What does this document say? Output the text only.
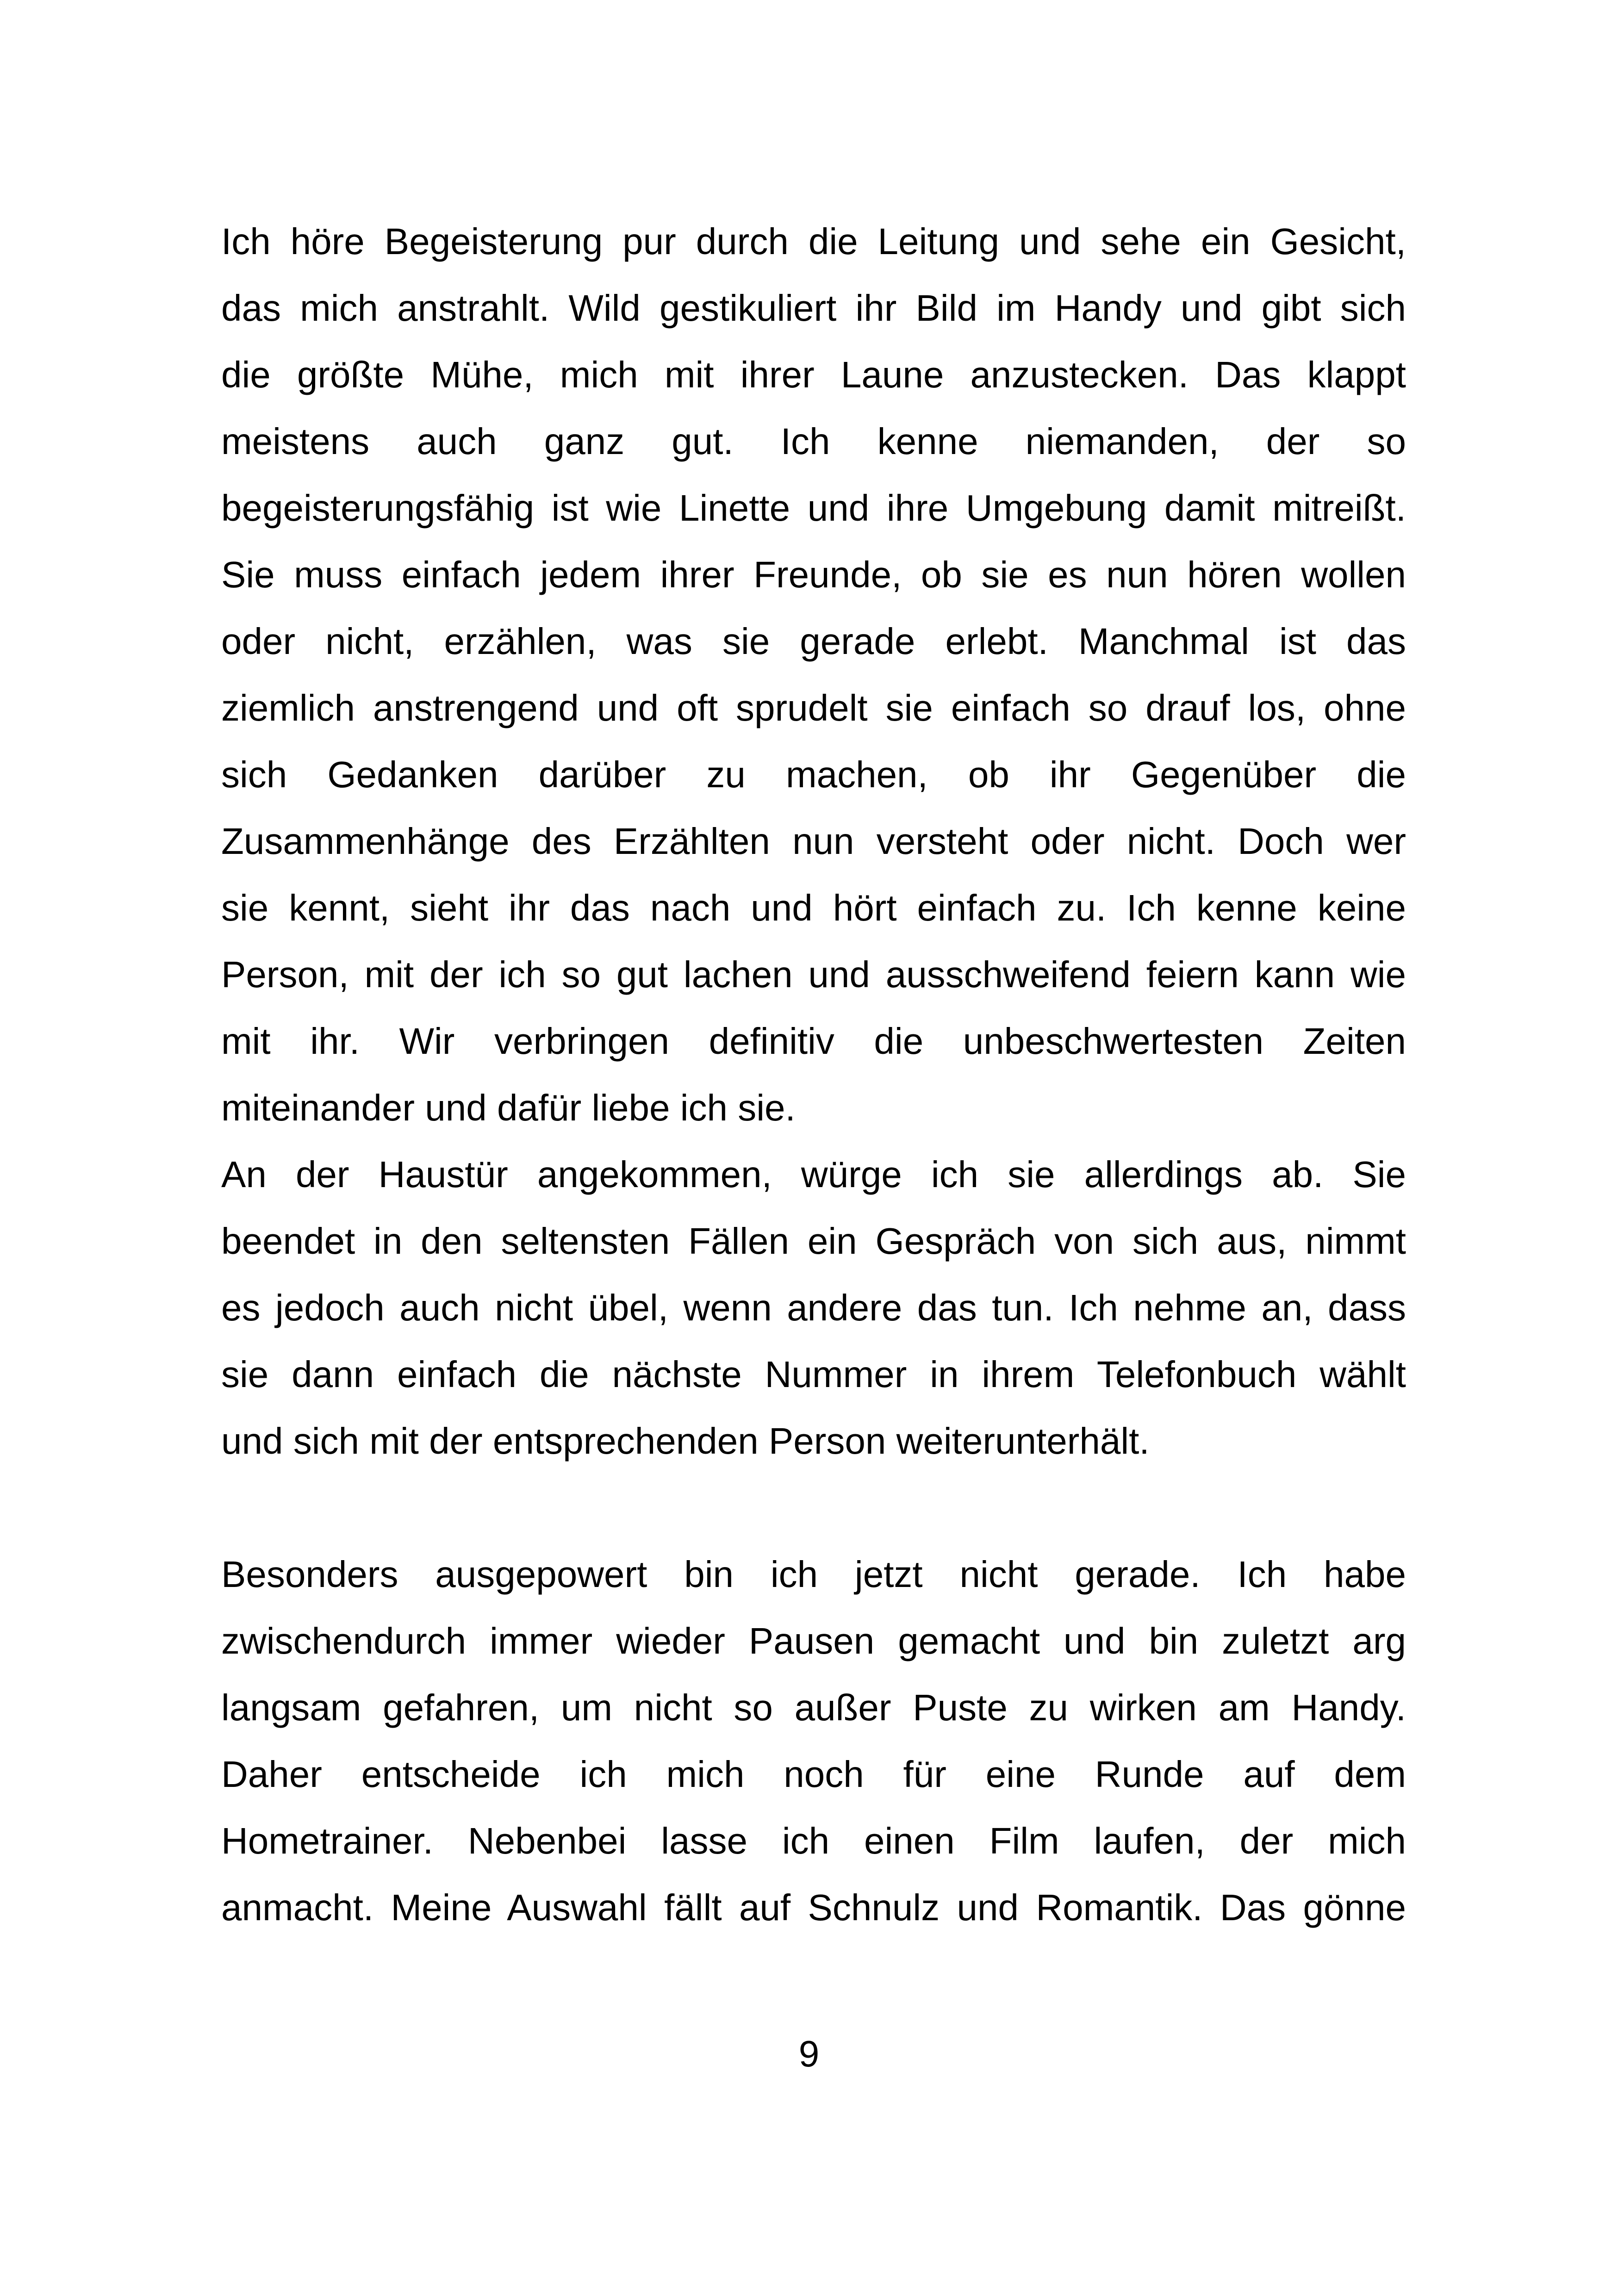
Ich höre Begeisterung pur durch die Leitung und sehe ein Gesicht,
das mich anstrahlt. Wild gestikuliert ihr Bild im Handy und gibt sich
die größte Mühe, mich mit ihrer Laune anzustecken. Das klappt
meistens auch ganz gut. Ich kenne niemanden, der so
begeisterungsfähig ist wie Linette und ihre Umgebung damit mitreißt.
Sie muss einfach jedem ihrer Freunde, ob sie es nun hören wollen
oder nicht, erzählen, was sie gerade erlebt. Manchmal ist das
ziemlich anstrengend und oft sprudelt sie einfach so drauf los, ohne
sich Gedanken darüber zu machen, ob ihr Gegenüber die
Zusammenhänge des Erzählten nun versteht oder nicht. Doch wer
sie kennt, sieht ihr das nach und hört einfach zu. Ich kenne keine
Person, mit der ich so gut lachen und ausschweifend feiern kann wie
mit ihr. Wir verbringen definitiv die unbeschwertesten Zeiten
miteinander und dafür liebe ich sie.
An der Haustür angekommen, würge ich sie allerdings ab. Sie
beendet in den seltensten Fällen ein Gespräch von sich aus, nimmt
es jedoch auch nicht übel, wenn andere das tun. Ich nehme an, dass
sie dann einfach die nächste Nummer in ihrem Telefonbuch wählt
und sich mit der entsprechenden Person weiterunterhält.
Besonders ausgepowert bin ich jetzt nicht gerade. Ich habe
zwischendurch immer wieder Pausen gemacht und bin zuletzt arg
langsam gefahren, um nicht so außer Puste zu wirken am Handy.
Daher entscheide ich mich noch für eine Runde auf dem
Hometrainer. Nebenbei lasse ich einen Film laufen, der mich
anmacht. Meine Auswahl fällt auf Schnulz und Romantik. Das gönne
9
